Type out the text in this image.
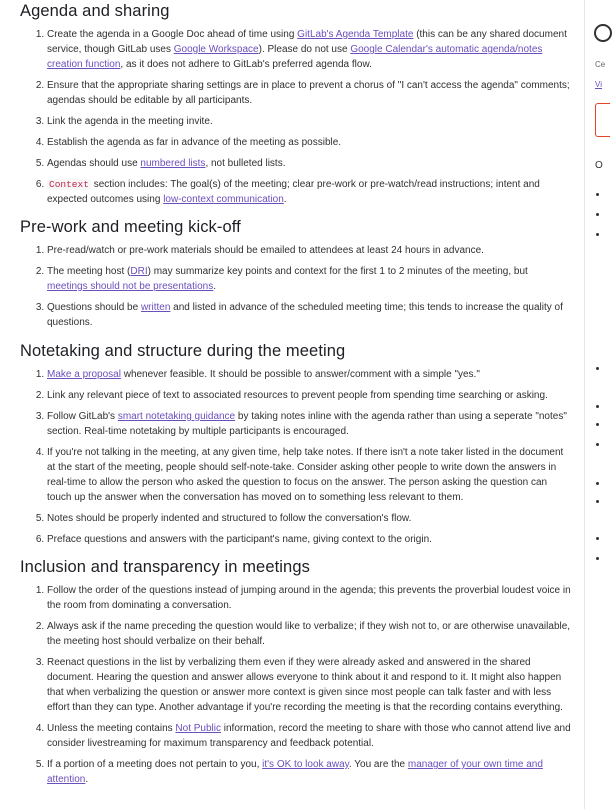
Agenda and sharing
1. Create the agenda in a Google Doc ahead of time using GitLab's Agenda Template (this can be any shared document service, though GitLab uses Google Workspace). Please do not use Google Calendar's automatic agenda/notes creation function, as it does not adhere to GitLab's preferred agenda flow.
2. Ensure that the appropriate sharing settings are in place to prevent a chorus of "I can't access the agenda" comments; agendas should be editable by all participants.
3. Link the agenda in the meeting invite.
4. Establish the agenda as far in advance of the meeting as possible.
5. Agendas should use numbered lists, not bulleted lists.
6. Context section includes: The goal(s) of the meeting; clear pre-work or pre-watch/read instructions; intent and expected outcomes using low-context communication.
Pre-work and meeting kick-off
1. Pre-read/watch or pre-work materials should be emailed to attendees at least 24 hours in advance.
2. The meeting host (DRI) may summarize key points and context for the first 1 to 2 minutes of the meeting, but meetings should not be presentations.
3. Questions should be written and listed in advance of the scheduled meeting time; this tends to increase the quality of questions.
Notetaking and structure during the meeting
1. Make a proposal whenever feasible. It should be possible to answer/comment with a simple "yes."
2. Link any relevant piece of text to associated resources to prevent people from spending time searching or asking.
3. Follow GitLab's smart notetaking guidance by taking notes inline with the agenda rather than using a seperate "notes" section. Real-time notetaking by multiple participants is encouraged.
4. If you're not talking in the meeting, at any given time, help take notes. If there isn't a note taker listed in the document at the start of the meeting, people should self-note-take. Consider asking other people to write down the answers in real-time to allow the person who asked the question to focus on the answer. The person asking the question can touch up the answer when the conversation has moved on to something less relevant to them.
5. Notes should be properly indented and structured to follow the conversation's flow.
6. Preface questions and answers with the participant's name, giving context to the origin.
Inclusion and transparency in meetings
1. Follow the order of the questions instead of jumping around in the agenda; this prevents the proverbial loudest voice in the room from dominating a conversation.
2. Always ask if the name preceding the question would like to verbalize; if they wish not to, or are otherwise unavailable, the meeting host should verbalize on their behalf.
3. Reenact questions in the list by verbalizing them even if they were already asked and answered in the shared document. Hearing the question and answer allows everyone to think about it and respond to it. It might also happen that when verbalizing the question or answer more context is given since most people can talk faster and with less effort than they can type. Another advantage if you're recording the meeting is that the recording contains everything.
4. Unless the meeting contains Not Public information, record the meeting to share with those who cannot attend live and consider livestreaming for maximum transparency and feedback potential.
5. If a portion of a meeting does not pertain to you, it's OK to look away. You are the manager of your own time and attention.
Ce
Vi
O
